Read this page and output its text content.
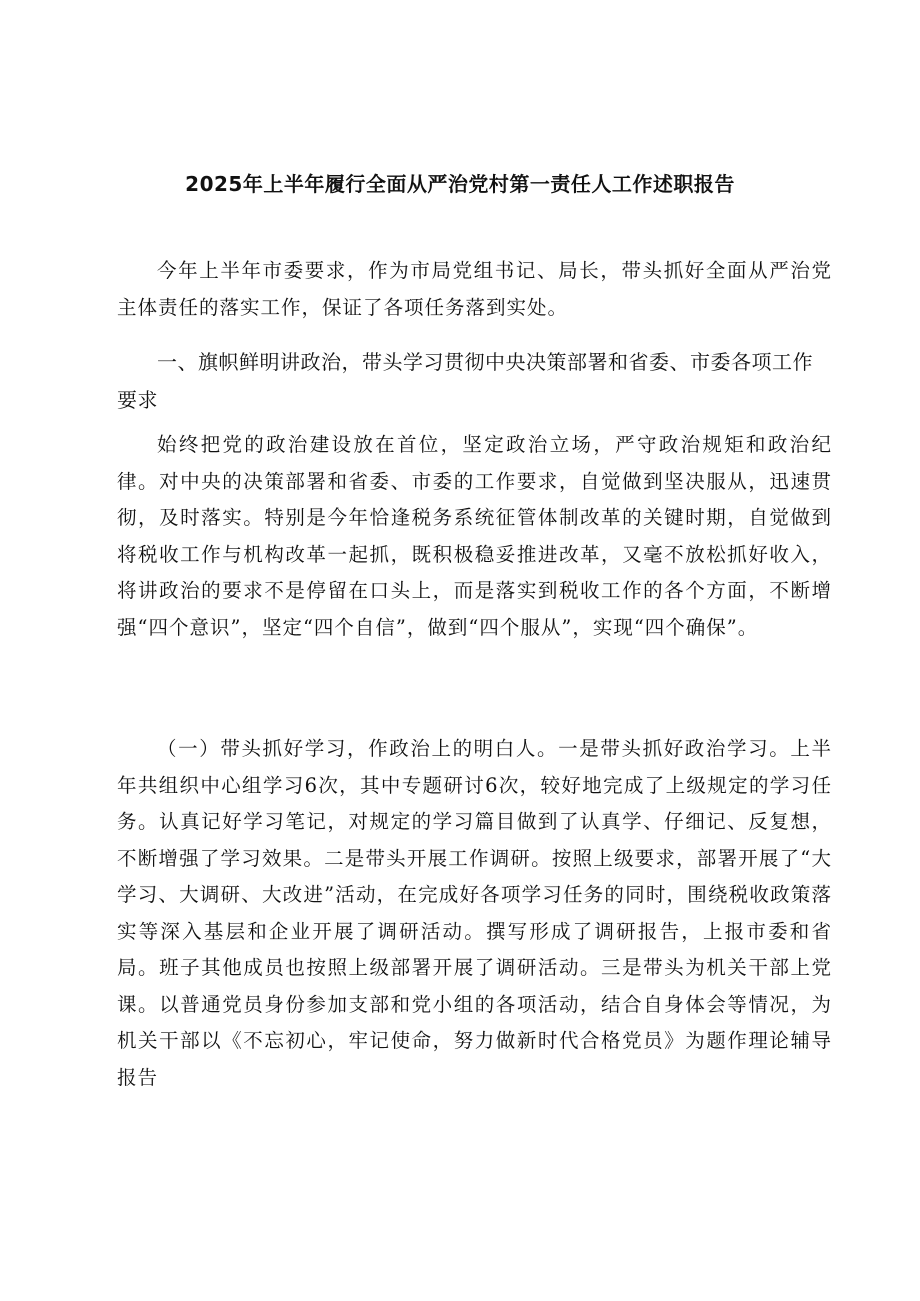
2025年上半年履行全面从严治党村第一责任人工作述职报告
今年上半年市委要求，作为市局党组书记、局长，带头抓好全面从严治党主体责任的落实工作，保证了各项任务落到实处。
一、旗帜鲜明讲政治，带头学习贯彻中央决策部署和省委、市委各项工作要求
始终把党的政治建设放在首位，坚定政治立场，严守政治规矩和政治纪律。对中央的决策部署和省委、市委的工作要求，自觉做到坚决服从，迅速贯彻，及时落实。特别是今年恰逢税务系统征管体制改革的关键时期，自觉做到将税收工作与机构改革一起抓，既积极稳妥推进改革，又毫不放松抓好收入，将讲政治的要求不是停留在口头上，而是落实到税收工作的各个方面，不断增强“四个意识”，坚定“四个自信”，做到“四个服从”，实现“四个确保”。
（一）带头抓好学习，作政治上的明白人。一是带头抓好政治学习。上半年共组织中心组学习6次，其中专题研讨6次，较好地完成了上级规定的学习任务。认真记好学习笔记，对规定的学习篇目做到了认真学、仔细记、反复想，不断增强了学习效果。二是带头开展工作调研。按照上级要求，部署开展了“大学习、大调研、大改进”活动，在完成好各项学习任务的同时，围绕税收政策落实等深入基层和企业开展了调研活动。撰写形成了调研报告，上报市委和省局。班子其他成员也按照上级部署开展了调研活动。三是带头为机关干部上党课。以普通党员身份参加支部和党小组的各项活动，结合自身体会等情况，为机关干部以《不忘初心，牢记使命，努力做新时代合格党员》为题作理论辅导报告
